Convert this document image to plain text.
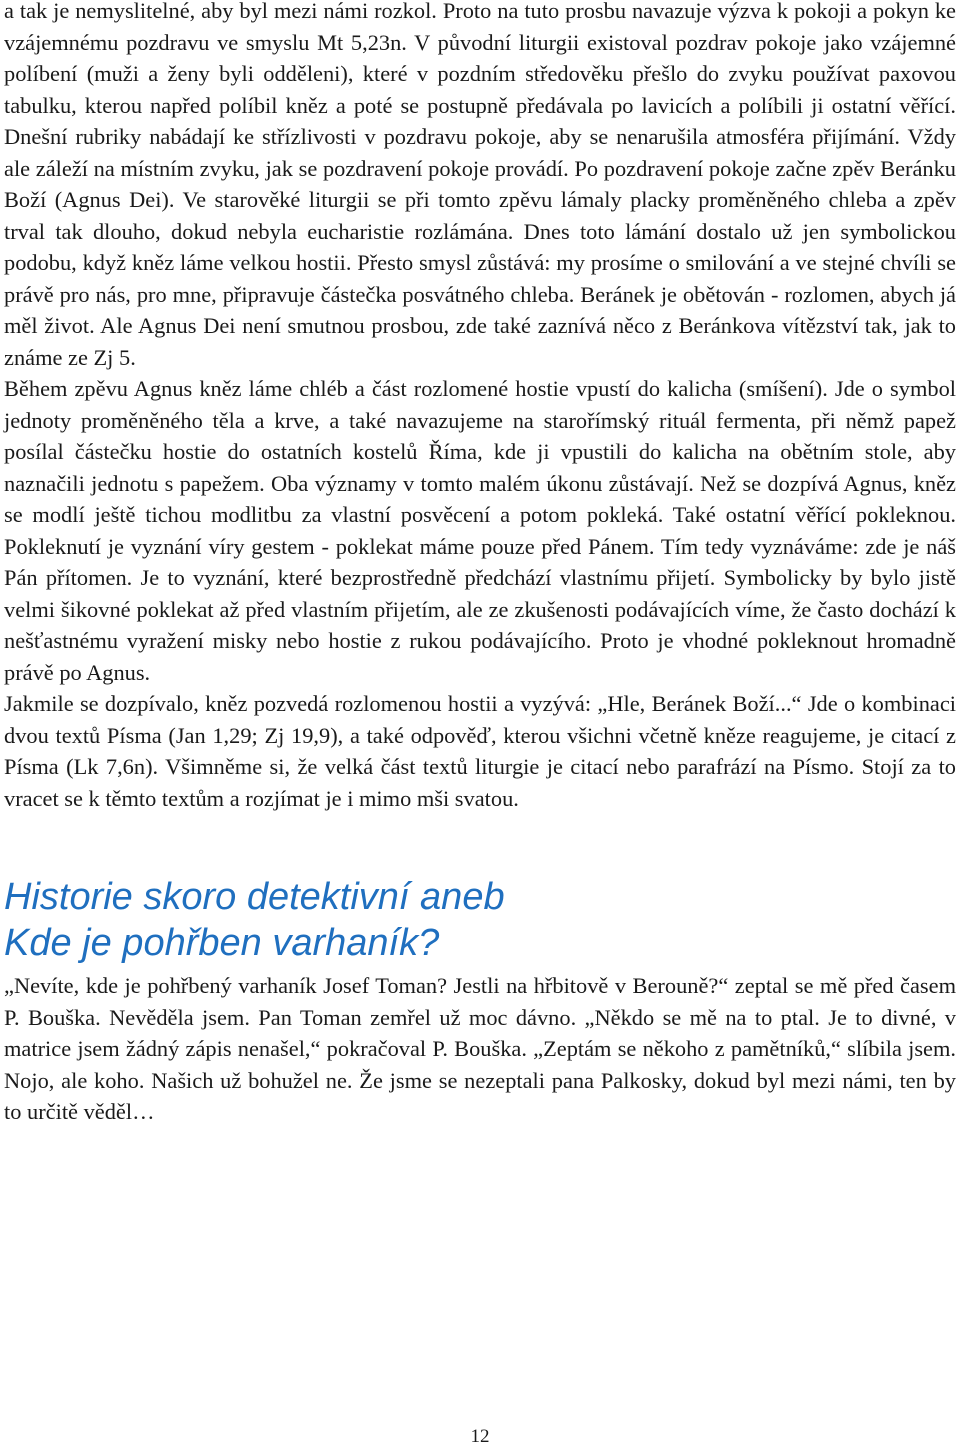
a tak je nemyslitelné, aby byl mezi námi rozkol. Proto na tuto prosbu navazuje výzva k pokoji a pokyn ke vzájemnému pozdravu ve smyslu Mt 5,23n. V původní liturgii existoval pozdrav pokoje jako vzájemné políbení (muži a ženy byli odděleni), které v pozdním středověku přešlo do zvyku používat paxovou tabulku, kterou napřed políbil kněz a poté se postupně předávala po lavicích a políbili ji ostatní věřící. Dnešní rubriky nabádají ke střízlivosti v pozdravu pokoje, aby se nenarušila atmosféra přijímání. Vždy ale záleží na místním zvyku, jak se pozdravení pokoje provádí. Po pozdravení pokoje začne zpěv Beránku Boží (Agnus Dei). Ve starověké liturgii se při tomto zpěvu lámaly placky proměněného chleba a zpěv trval tak dlouho, dokud nebyla eucharistie rozlámána. Dnes toto lámání dostalo už jen symbolickou podobu, když kněz láme velkou hostii. Přesto smysl zůstává: my prosíme o smilování a ve stejné chvíli se právě pro nás, pro mne, připravuje částečka posvátného chleba. Beránek je obětován - rozlomen, abych já měl život. Ale Agnus Dei není smutnou prosbou, zde také zaznívá něco z Beránkova vítězství tak, jak to známe ze Zj 5.

Během zpěvu Agnus kněz láme chléb a část rozlomené hostie vpustí do kalicha (smíšení). Jde o symbol jednoty proměněného těla a krve, a také navazujeme na starořímský rituál fermenta, při němž papež posílal částečku hostie do ostatních kostelů Říma, kde ji vpustili do kalicha na obětním stole, aby naznačili jednotu s papežem. Oba významy v tomto malém úkonu zůstávají. Než se dozpívá Agnus, kněz se modlí ještě tichou modlitbu za vlastní posvěcení a potom pokleká. Také ostatní věřící pokleknou. Pokleknutí je vyznání víry gestem - poklekat máme pouze před Pánem. Tím tedy vyznáváme: zde je náš Pán přítomen. Je to vyznání, které bezprostředně předchází vlastnímu přijetí. Symbolicky by bylo jistě velmi šikovné poklekat až před vlastním přijetím, ale ze zkušenosti podávajících víme, že často dochází k nešťastnému vyražení misky nebo hostie z rukou podávajícího. Proto je vhodné pokleknout hromadně právě po Agnus.

Jakmile se dozpívalo, kněz pozvedá rozlomenou hostii a vyzývá: „Hle, Beránek Boží...“ Jde o kombinaci dvou textů Písma (Jan 1,29; Zj 19,9), a také odpověď, kterou všichni včetně kněze reagujeme, je citací z Písma (Lk 7,6n). Všimněme si, že velká část textů liturgie je citací nebo parafrází na Písmo. Stojí za to vracet se k těmto textům a rozjímat je i mimo mši svatou.

Historie skoro detektivní aneb
Kde je pohřben varhaník?

„Nevíte, kde je pohřbený varhaník Josef Toman? Jestli na hřbitově v Berouně?“ zeptal se mě před časem P. Bouška. Nevěděla jsem. Pan Toman zemřel už moc dávno. „Někdo se mě na to ptal. Je to divné, v matrice jsem žádný zápis nenašel,“ pokračoval P. Bouška. „Zeptám se někoho z pamětníků,“ slíbila jsem. Nojo, ale koho. Našich už bohužel ne. Že jsme se nezeptali pana Palkosky, dokud byl mezi námi, ten by to určitě věděl…

12
